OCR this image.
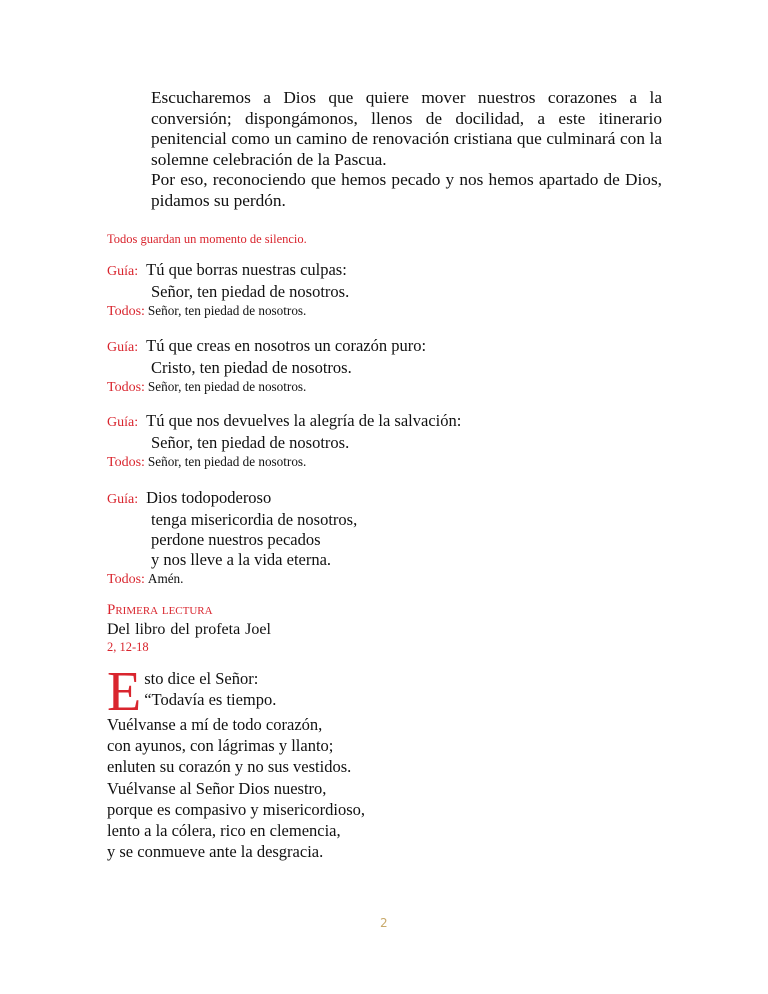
Escucharemos a Dios que quiere mover nuestros corazones a la conversión; dispongámonos, llenos de docilidad, a este itinerario penitencial como un camino de renovación cristiana que culminará con la solemne celebración de la Pascua.

Por eso, reconociendo que hemos pecado y nos hemos apartado de Dios, pidamos su perdón.

Todos guardan un momento de silencio.
Guía: Tú que borras nuestras culpas:
Señor, ten piedad de nosotros.
Todos: Señor, ten piedad de nosotros.
Guía: Tú que creas en nosotros un corazón puro:
Cristo, ten piedad de nosotros.
Todos: Señor, ten piedad de nosotros.
Guía: Tú que nos devuelves la alegría de la salvación:
Señor, ten piedad de nosotros.
Todos: Señor, ten piedad de nosotros.
Guía: Dios todopoderoso
tenga misericordia de nosotros,
perdone nuestros pecados
y nos lleve a la vida eterna.
Todos: Amén.
Primera lectura
Del libro del profeta Joel
2, 12-18
E sto dice el Señor:
“Todavía es tiempo.
Vuélvanse a mí de todo corazón,
con ayunos, con lágrimas y llanto;
enluten su corazón y no sus vestidos.
Vuélvanse al Señor Dios nuestro,
porque es compasivo y misericordioso,
lento a la cólera, rico en clemencia,
y se conmueve ante la desgracia.
2
